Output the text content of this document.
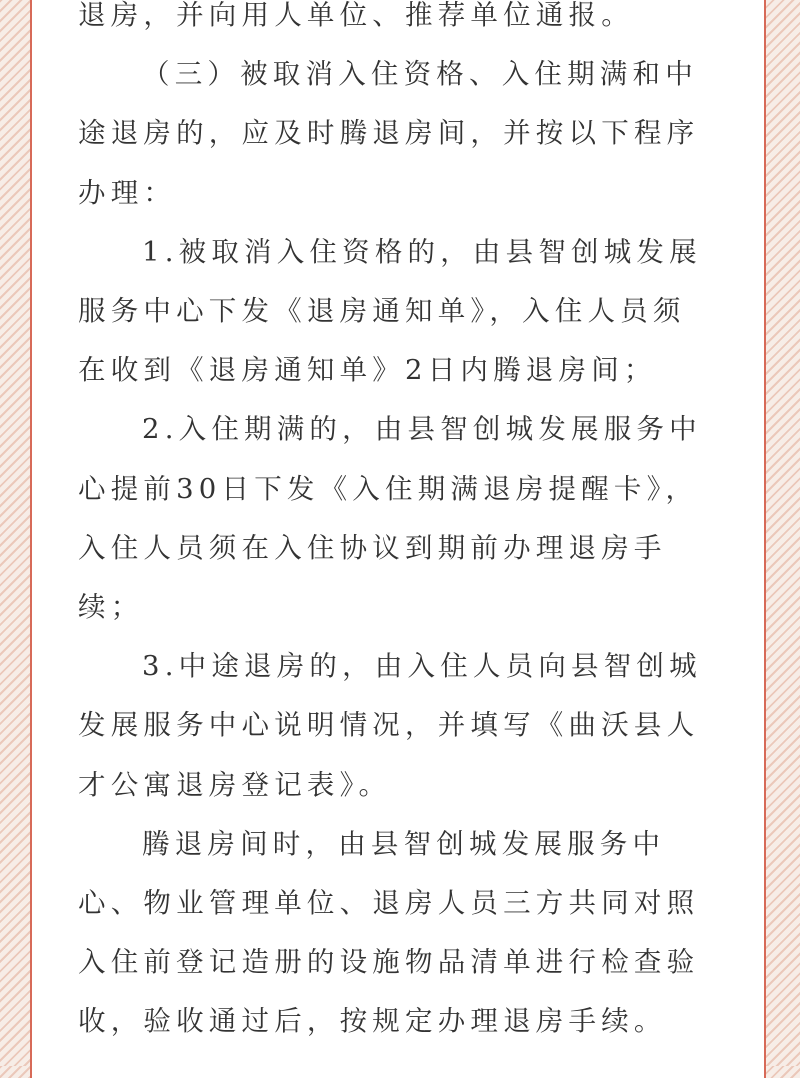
退房，并向用人单位、推荐单位通报。

（三）被取消入住资格、入住期满和中
途退房的，应及时腾退房间，并按以下程序
办理：

1.被取消入住资格的，由县智创城发展
服务中心下发《退房通知单》，入住人员须
在收到《退房通知单》2日内腾退房间；

2.入住期满的，由县智创城发展服务中
心提前30日下发《入住期满退房提醒卡》，
入住人员须在入住协议到期前办理退房手
续；

3.中途退房的，由入住人员向县智创城
发展服务中心说明情况，并填写《曲沃县人
才公寓退房登记表》。

腾退房间时，由县智创城发展服务中
心、物业管理单位、退房人员三方共同对照
入住前登记造册的设施物品清单进行检查验
收，验收通过后，按规定办理退房手续。
